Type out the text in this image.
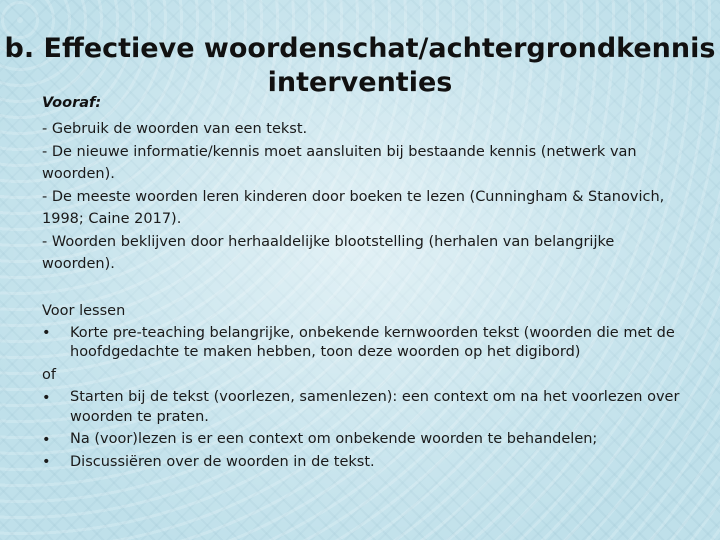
b. Effectieve woordenschat/achtergrondkennis
interventies
Vooraf:

- Gebruik de woorden van een tekst.

- De nieuwe informatie/kennis moet aansluiten bij bestaande kennis (netwerk van woorden).

- De meeste woorden leren kinderen door boeken te lezen (Cunningham & Stanovich, 1998; Caine 2017).

- Woorden beklijven door herhaaldelijke blootstelling (herhalen van belangrijke woorden).

Voor lessen

•	Korte pre-teaching belangrijke, onbekende kernwoorden tekst (woorden die met de hoofdgedachte te maken hebben, toon deze woorden op het digibord)

of

•	Starten bij de tekst (voorlezen, samenlezen): een context om na het voorlezen over woorden te praten.

•	Na (voor)lezen is er een context om onbekende woorden te behandelen;

•	Discussiëren over de woorden in de tekst.
